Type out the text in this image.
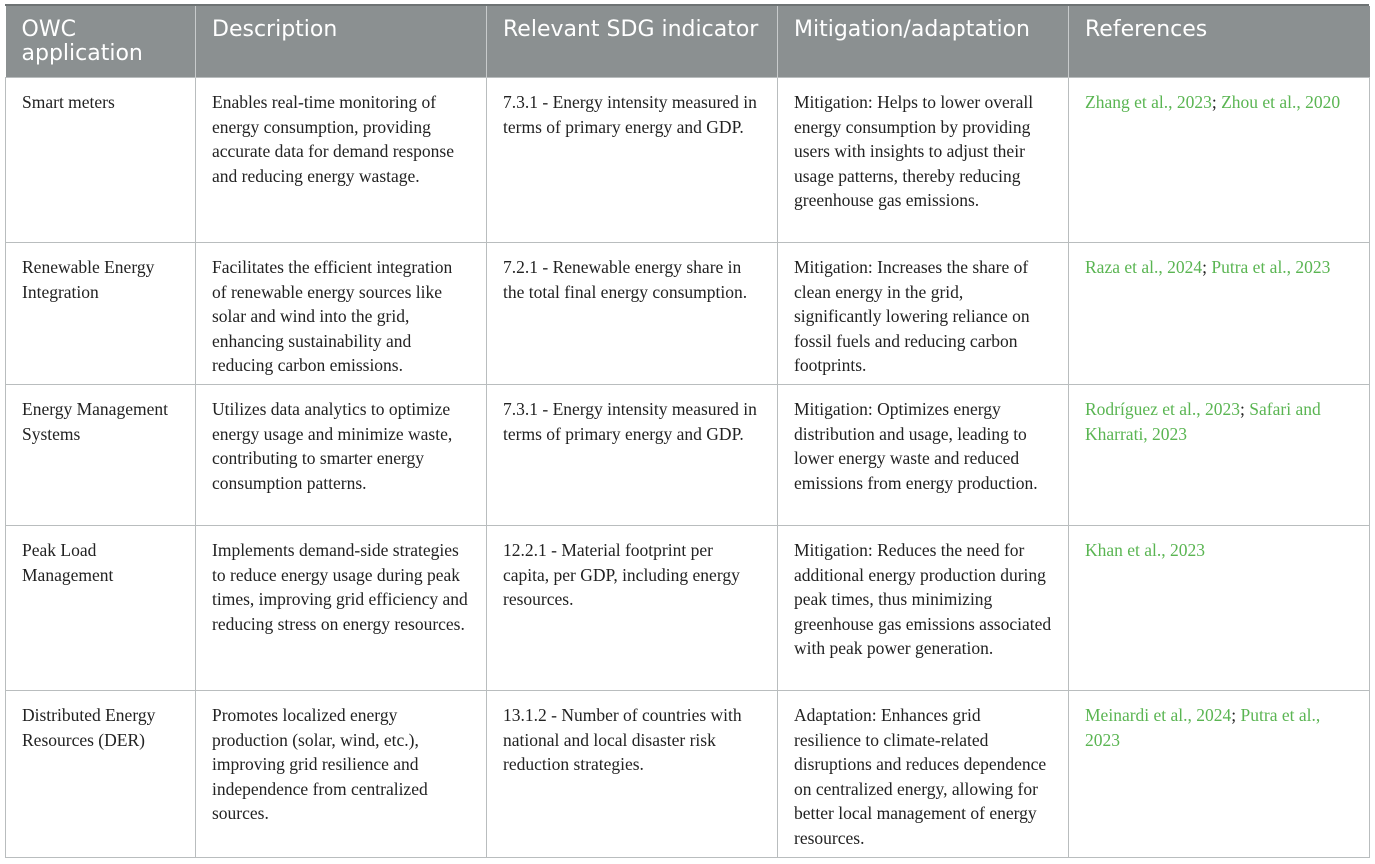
OWC application	Description	Relevant SDG indicator	Mitigation/adaptation	References
Smart meters	Enables real-time monitoring of energy consumption, providing accurate data for demand response and reducing energy wastage.	7.3.1 - Energy intensity measured in terms of primary energy and GDP.	Mitigation: Helps to lower overall energy consumption by providing users with insights to adjust their usage patterns, thereby reducing greenhouse gas emissions.	Zhang et al., 2023; Zhou et al., 2020
Renewable Energy Integration	Facilitates the efficient integration of renewable energy sources like solar and wind into the grid, enhancing sustainability and reducing carbon emissions.	7.2.1 - Renewable energy share in the total final energy consumption.	Mitigation: Increases the share of clean energy in the grid, significantly lowering reliance on fossil fuels and reducing carbon footprints.	Raza et al., 2024; Putra et al., 2023
Energy Management Systems	Utilizes data analytics to optimize energy usage and minimize waste, contributing to smarter energy consumption patterns.	7.3.1 - Energy intensity measured in terms of primary energy and GDP.	Mitigation: Optimizes energy distribution and usage, leading to lower energy waste and reduced emissions from energy production.	Rodríguez et al., 2023; Safari and Kharrati, 2023
Peak Load Management	Implements demand-side strategies to reduce energy usage during peak times, improving grid efficiency and reducing stress on energy resources.	12.2.1 - Material footprint per capita, per GDP, including energy resources.	Mitigation: Reduces the need for additional energy production during peak times, thus minimizing greenhouse gas emissions associated with peak power generation.	Khan et al., 2023
Distributed Energy Resources (DER)	Promotes localized energy production (solar, wind, etc.), improving grid resilience and independence from centralized sources.	13.1.2 - Number of countries with national and local disaster risk reduction strategies.	Adaptation: Enhances grid resilience to climate-related disruptions and reduces dependence on centralized energy, allowing for better local management of energy resources.	Meinardi et al., 2024; Putra et al., 2023
